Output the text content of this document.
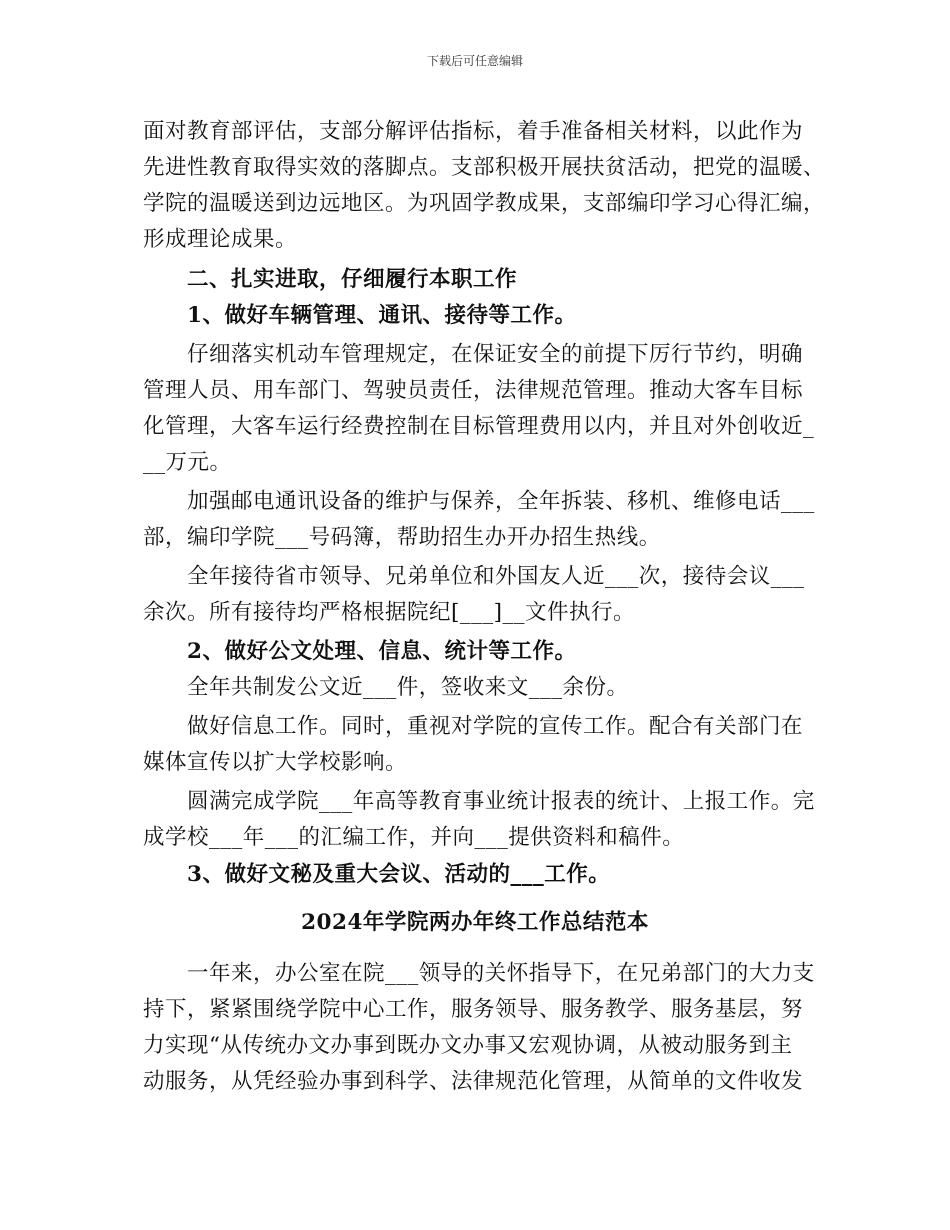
下载后可任意编辑
面对教育部评估，支部分解评估指标，着手准备相关材料，以此作为
先进性教育取得实效的落脚点。支部积极开展扶贫活动，把党的温暖、
学院的温暖送到边远地区。为巩固学教成果，支部编印学习心得汇编，
形成理论成果。
二、扎实进取，仔细履行本职工作
1、做好车辆管理、通讯、接待等工作。
仔细落实机动车管理规定，在保证安全的前提下厉行节约，明确
管理人员、用车部门、驾驶员责任，法律规范管理。推动大客车目标
化管理，大客车运行经费控制在目标管理费用以内，并且对外创收近_
__万元。
加强邮电通讯设备的维护与保养，全年拆装、移机、维修电话___
部，编印学院___号码簿，帮助招生办开办招生热线。
全年接待省市领导、兄弟单位和外国友人近___次，接待会议___
余次。所有接待均严格根据院纪[___]__文件执行。
2、做好公文处理、信息、统计等工作。
全年共制发公文近___件，签收来文___余份。
做好信息工作。同时，重视对学院的宣传工作。配合有关部门在
媒体宣传以扩大学校影响。
圆满完成学院___年高等教育事业统计报表的统计、上报工作。完
成学校___年___的汇编工作，并向___提供资料和稿件。
3、做好文秘及重大会议、活动的___工作。
2024年学院两办年终工作总结范本
一年来，办公室在院___领导的关怀指导下，在兄弟部门的大力支
持下，紧紧围绕学院中心工作，服务领导、服务教学、服务基层，努
力实现“从传统办文办事到既办文办事又宏观协调，从被动服务到主
动服务，从凭经验办事到科学、法律规范化管理，从简单的文件收发
